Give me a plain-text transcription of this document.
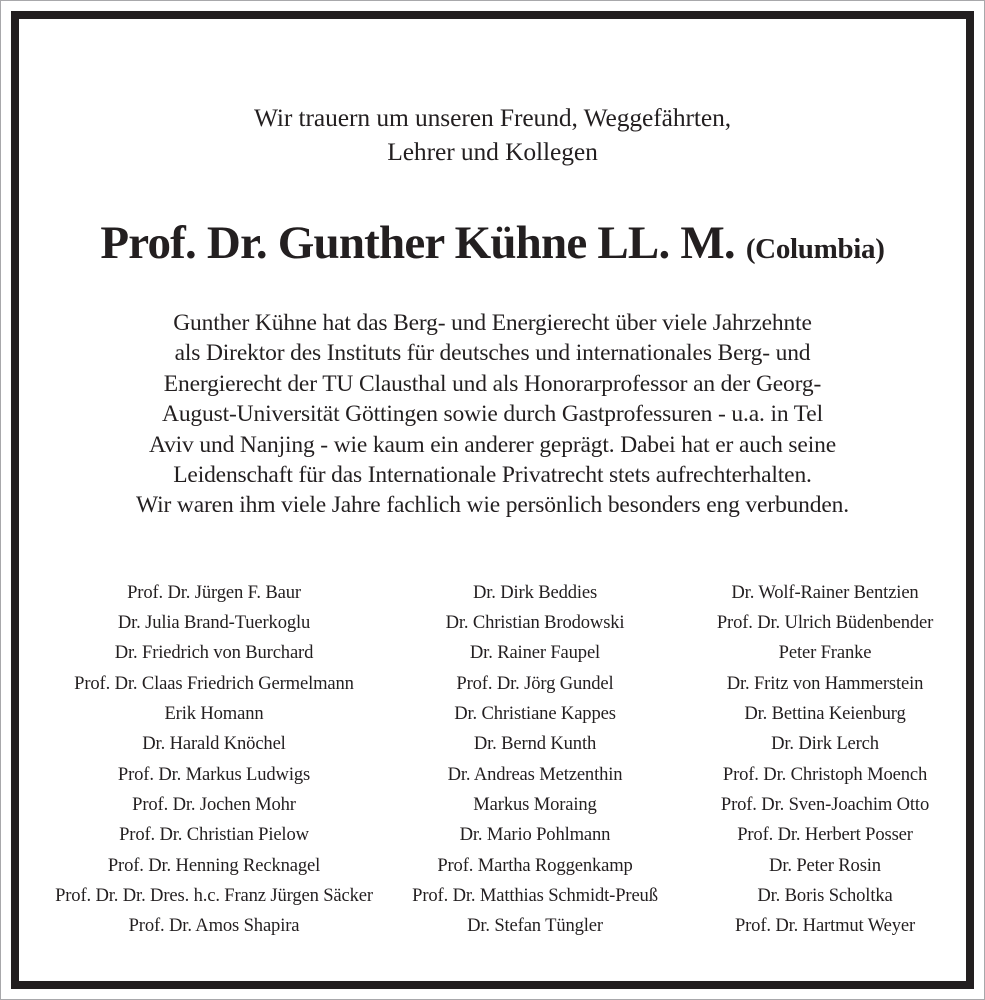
Wir trauern um unseren Freund, Weggefährten,
Lehrer und Kollegen
Prof. Dr. Gunther Kühne LL. M. (Columbia)
Gunther Kühne hat das Berg- und Energierecht über viele Jahrzehnte
als Direktor des Instituts für deutsches und internationales Berg- und
Energierecht der TU Clausthal und als Honorarprofessor an der Georg-
August-Universität Göttingen sowie durch Gastprofessuren - u.a. in Tel
Aviv und Nanjing - wie kaum ein anderer geprägt. Dabei hat er auch seine
Leidenschaft für das Internationale Privatrecht stets aufrechterhalten.
Wir waren ihm viele Jahre fachlich wie persönlich besonders eng verbunden.
Prof. Dr. Jürgen F. Baur
Dr. Julia Brand-Tuerkoglu
Dr. Friedrich von Burchard
Prof. Dr. Claas Friedrich Germelmann
Erik Homann
Dr. Harald Knöchel
Prof. Dr. Markus Ludwigs
Prof. Dr. Jochen Mohr
Prof. Dr. Christian Pielow
Prof. Dr. Henning Recknagel
Prof. Dr. Dr. Dres. h.c. Franz Jürgen Säcker
Prof. Dr. Amos Shapira
Dr. Dirk Beddies
Dr. Christian Brodowski
Dr. Rainer Faupel
Prof. Dr. Jörg Gundel
Dr. Christiane Kappes
Dr. Bernd Kunth
Dr. Andreas Metzenthin
Markus Moraing
Dr. Mario Pohlmann
Prof. Martha Roggenkamp
Prof. Dr. Matthias Schmidt-Preuß
Dr. Stefan Tüngler
Dr. Wolf-Rainer Bentzien
Prof. Dr. Ulrich Büdenbender
Peter Franke
Dr. Fritz von Hammerstein
Dr. Bettina Keienburg
Dr. Dirk Lerch
Prof. Dr. Christoph Moench
Prof. Dr. Sven-Joachim Otto
Prof. Dr. Herbert Posser
Dr. Peter Rosin
Dr. Boris Scholtka
Prof. Dr. Hartmut Weyer
